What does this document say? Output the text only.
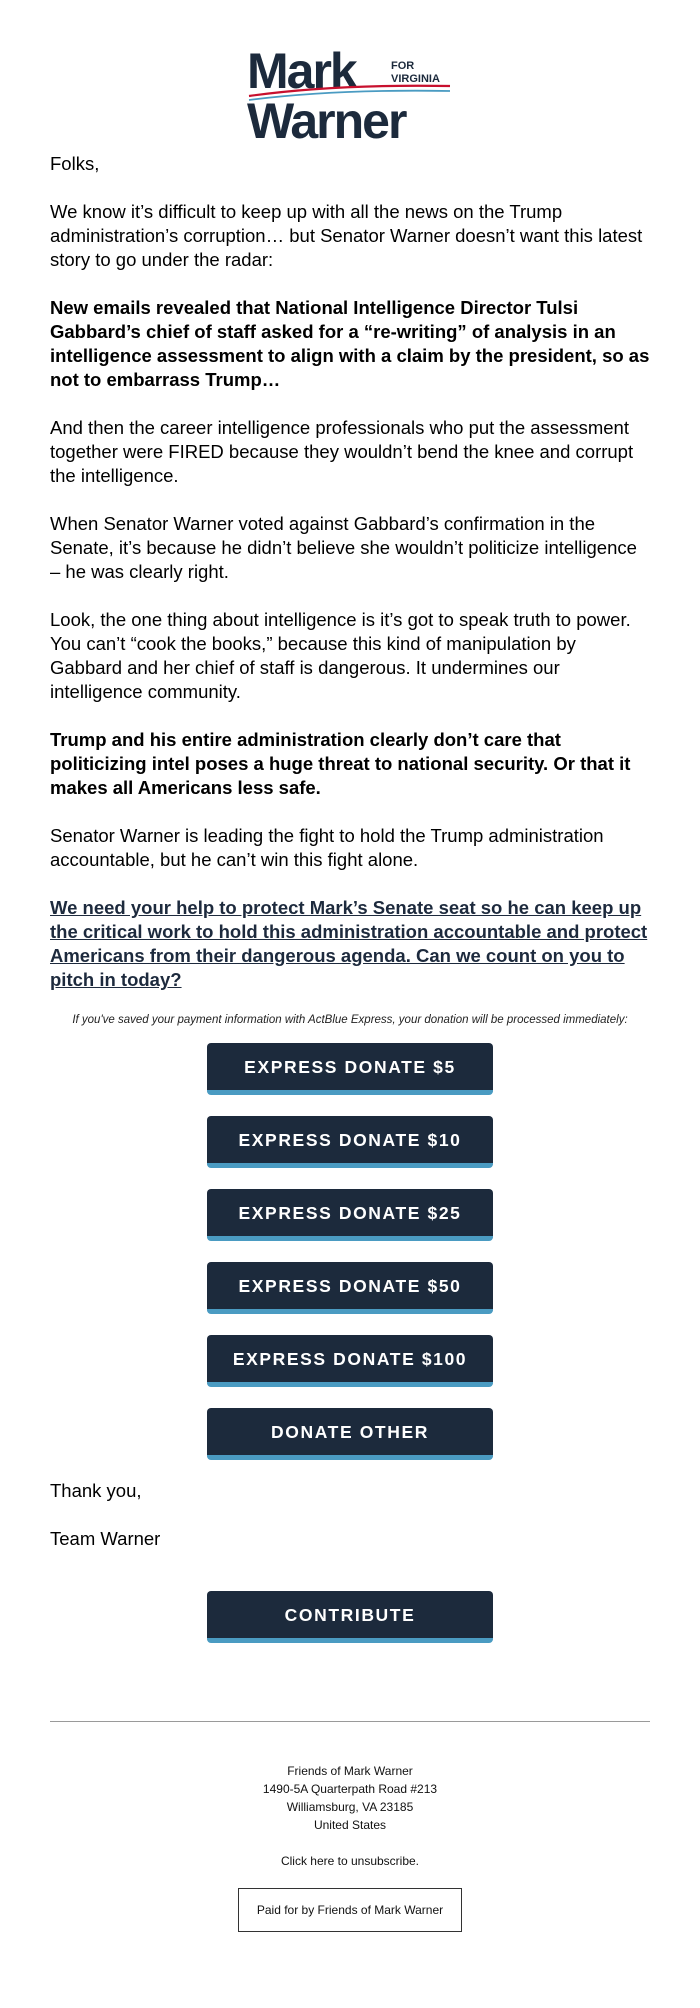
Mark	FOR
VIRGINIA
Warner

Folks,

We know it’s difficult to keep up with all the news on the Trump administration’s corruption… but Senator Warner doesn’t want this latest story to go under the radar:

New emails revealed that National Intelligence Director Tulsi Gabbard’s chief of staff asked for a “re-writing” of analysis in an intelligence assessment to align with a claim by the president, so as not to embarrass Trump…

And then the career intelligence professionals who put the assessment together were FIRED because they wouldn’t bend the knee and corrupt the intelligence.

When Senator Warner voted against Gabbard’s confirmation in the Senate, it’s because he didn’t believe she wouldn’t politicize intelligence – he was clearly right.

Look, the one thing about intelligence is it’s got to speak truth to power. You can’t “cook the books,” because this kind of manipulation by Gabbard and her chief of staff is dangerous. It undermines our intelligence community.

Trump and his entire administration clearly don’t care that politicizing intel poses a huge threat to national security. Or that it makes all Americans less safe.

Senator Warner is leading the fight to hold the Trump administration accountable, but he can’t win this fight alone.

We need your help to protect Mark’s Senate seat so he can keep up the critical work to hold this administration accountable and protect Americans from their dangerous agenda. Can we count on you to pitch in today?

If you've saved your payment information with ActBlue Express, your donation will be processed immediately:

EXPRESS DONATE $5
EXPRESS DONATE $10
EXPRESS DONATE $25
EXPRESS DONATE $50
EXPRESS DONATE $100
DONATE OTHER

Thank you,

Team Warner

CONTRIBUTE
Friends of Mark Warner
1490-5A Quarterpath Road #213
Williamsburg, VA 23185
United States
Click here to unsubscribe.
Paid for by Friends of Mark Warner
